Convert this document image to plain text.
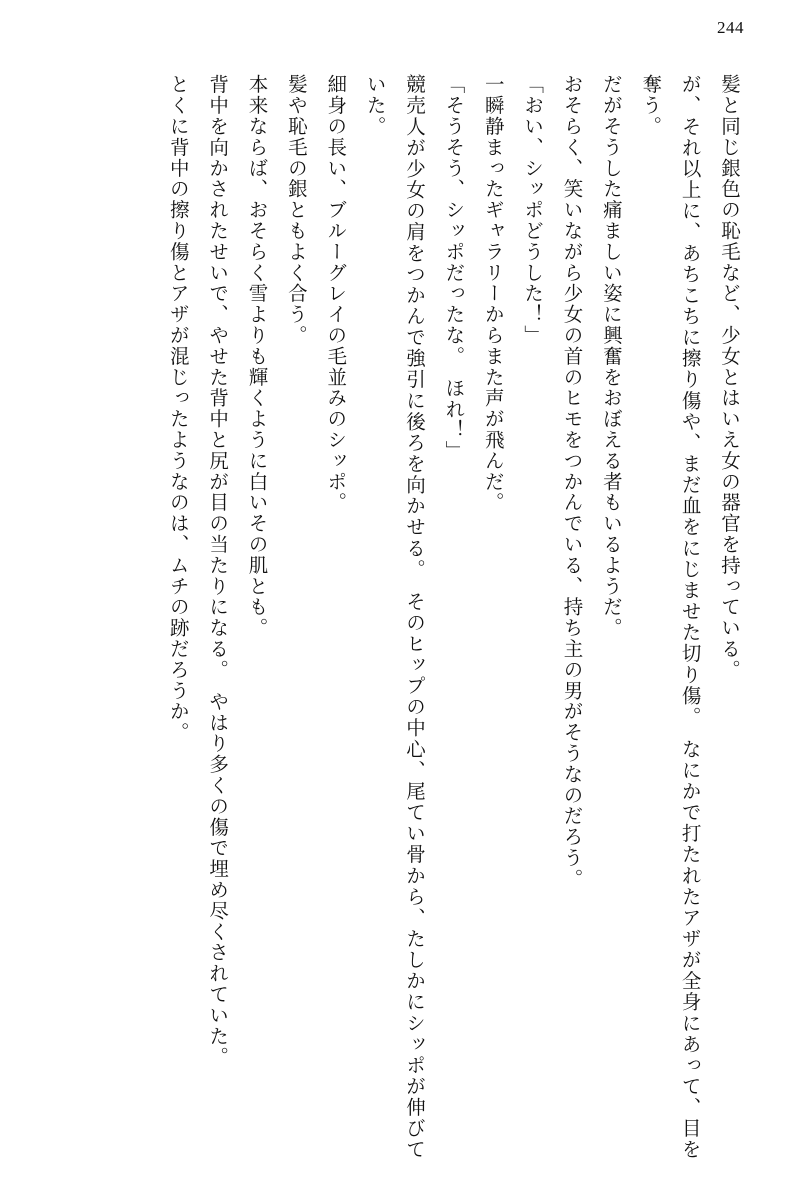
244

髪と同じ銀色の恥毛など、少女とはいえ女の器官を持っている。

が、それ以上に、あちこちに擦り傷や、まだ血をにじませた切り傷。　なにかで打たれたアザが全身にあって、目を奪う。

だがそうした痛ましい姿に興奮をおぼえる者もいるようだ。

おそらく、笑いながら少女の首のヒモをつかんでいる、持ち主の男がそうなのだろう。

「おい、シッポどうした！」

一瞬静まったギャラリーからまた声が飛んだ。

「そうそう、シッポだったな。　ほれ！」

競売人が少女の肩をつかんで強引に後ろを向かせる。　そのヒップの中心、尾てい骨から、たしかにシッポが伸びていた。

細身の長い、ブルーグレイの毛並みのシッポ。

髪や恥毛の銀ともよく合う。

本来ならば、おそらく雪よりも輝くように白いその肌とも。

背中を向かされたせいで、やせた背中と尻が目の当たりになる。　やはり多くの傷で埋め尽くされていた。

とくに背中の擦り傷とアザが混じったようなのは、ムチの跡だろうか。
